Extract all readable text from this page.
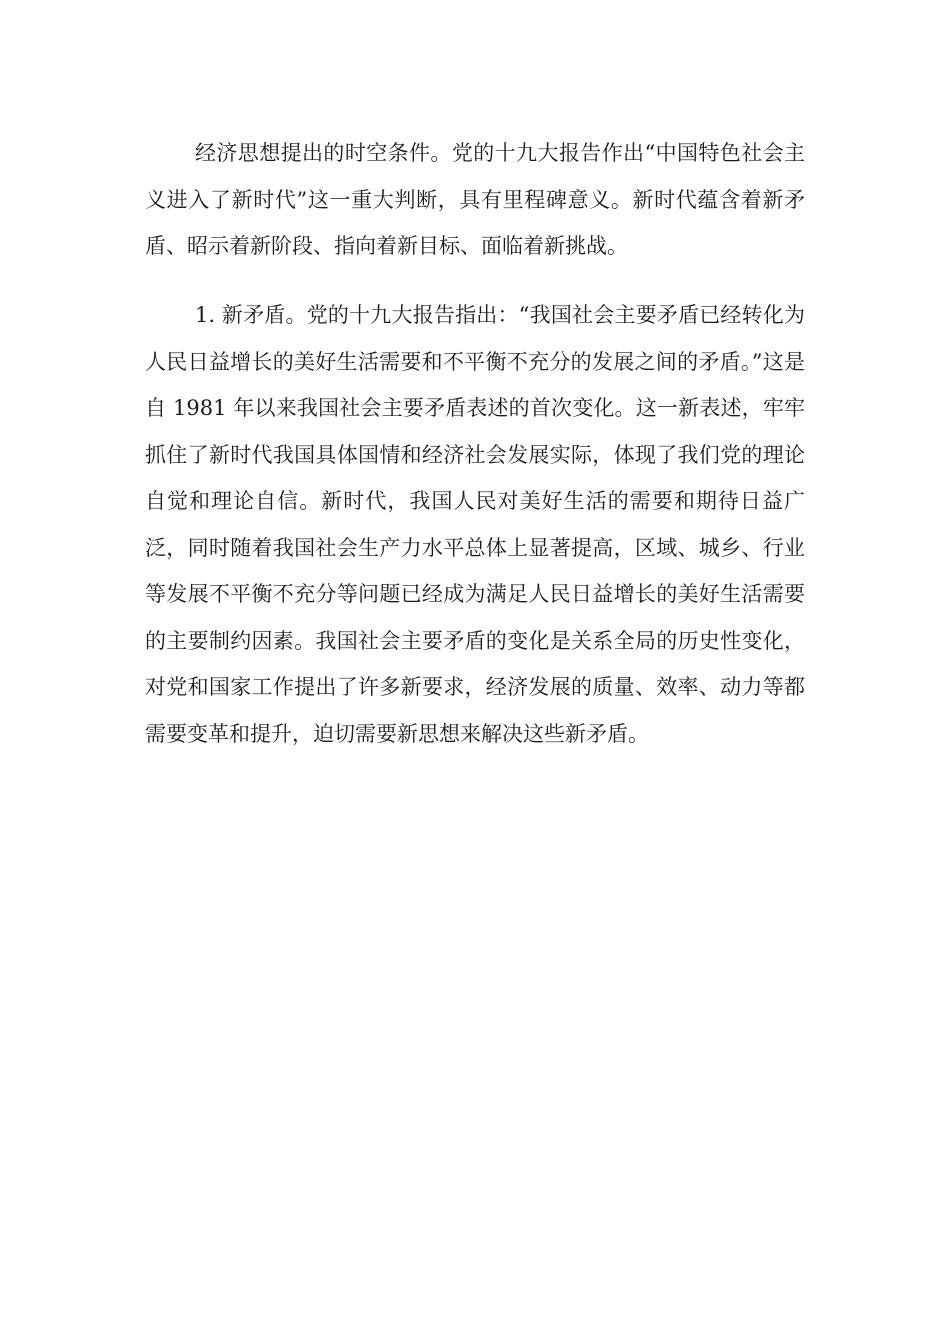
经济思想提出的时空条件。党的十九大报告作出“中国特色社会主义进入了新时代”这一重大判断，具有里程碑意义。新时代蕴含着新矛盾、昭示着新阶段、指向着新目标、面临着新挑战。

1. 新矛盾。党的十九大报告指出：“我国社会主要矛盾已经转化为人民日益增长的美好生活需要和不平衡不充分的发展之间的矛盾。”这是自 1981 年以来我国社会主要矛盾表述的首次变化。这一新表述，牢牢抓住了新时代我国具体国情和经济社会发展实际，体现了我们党的理论自觉和理论自信。新时代，我国人民对美好生活的需要和期待日益广泛，同时随着我国社会生产力水平总体上显著提高，区域、城乡、行业等发展不平衡不充分等问题已经成为满足人民日益增长的美好生活需要的主要制约因素。我国社会主要矛盾的变化是关系全局的历史性变化，对党和国家工作提出了许多新要求，经济发展的质量、效率、动力等都需要变革和提升，迫切需要新思想来解决这些新矛盾。
